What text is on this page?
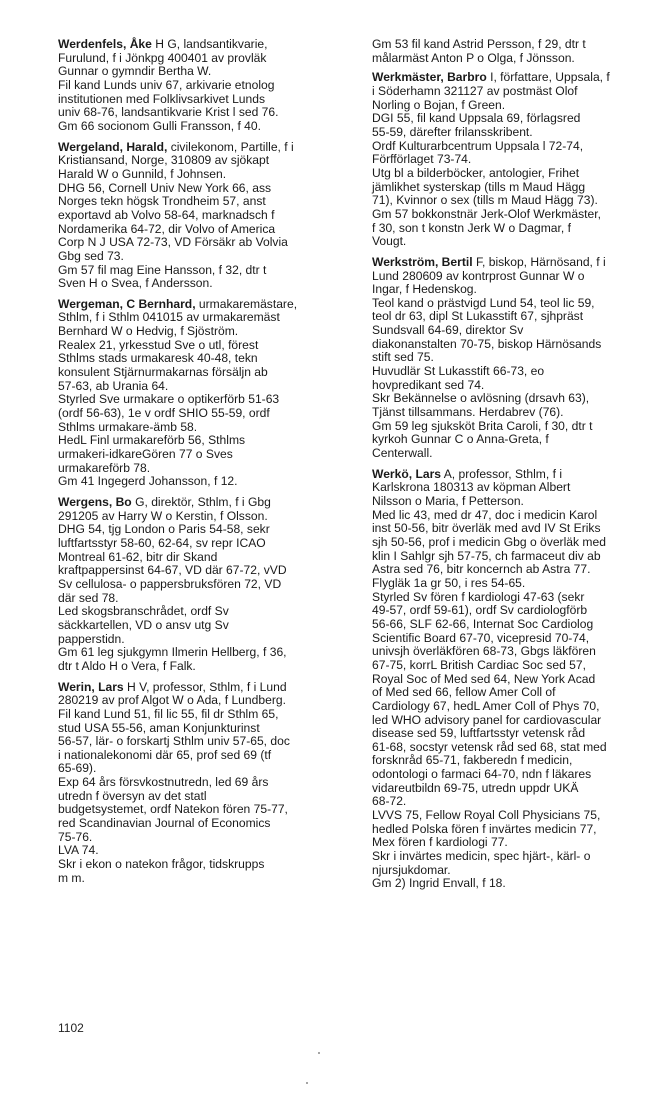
Werdenfels, Åke H G, landsantikvarie,
Furulund, f i Jönkpg 400401 av provläk
Gunnar o gymndir Bertha W.
Fil kand Lunds univ 67, arkivarie etnolog
institutionen med Folklivsarkivet Lunds
univ 68-76, landsantikvarie Krist l sed 76.
Gm 66 socionom Gulli Fransson, f 40.
Wergeland, Harald, civilekonom, Partille, f i
Kristiansand, Norge, 310809 av sjökapt
Harald W o Gunnild, f Johnsen.
DHG 56, Cornell Univ New York 66, ass
Norges tekn högsk Trondheim 57, anst
exportavd ab Volvo 58-64, marknadsch f
Nordamerika 64-72, dir Volvo of America
Corp N J USA 72-73, VD Försäkr ab Volvia
Gbg sed 73.
Gm 57 fil mag Eine Hansson, f 32, dtr t
Sven H o Svea, f Andersson.
Wergeman, C Bernhard, urmakaremästare,
Sthlm, f i Sthlm 041015 av urmakaremäst
Bernhard W o Hedvig, f Sjöström.
Realex 21, yrkesstud Sve o utl, förest
Sthlms stads urmakaresk 40-48, tekn
konsulent Stjärnurmakarnas försäljn ab
57-63, ab Urania 64.
Styrled Sve urmakare o optikerförb 51-63
(ordf 56-63), 1e v ordf SHIO 55-59, ordf
Sthlms urmakare-ämb 58.
HedL Finl urmakareförb 56, Sthlms
urmakeri-idkareGören 77 o Sves
urmakareförb 78.
Gm 41 Ingegerd Johansson, f 12.
Wergens, Bo G, direktör, Sthlm, f i Gbg
291205 av Harry W o Kerstin, f Olsson.
DHG 54, tjg London o Paris 54-58, sekr
luftfartsstyr 58-60, 62-64, sv repr ICAO
Montreal 61-62, bitr dir Skand
kraftpappersinst 64-67, VD där 67-72, vVD
Sv cellulosa- o pappersbruksfören 72, VD
där sed 78.
Led skogsbranschrådet, ordf Sv
säckkartellen, VD o ansv utg Sv
papperstidn.
Gm 61 leg sjukgymn Ilmerin Hellberg, f 36,
dtr t Aldo H o Vera, f Falk.
Werin, Lars H V, professor, Sthlm, f i Lund
280219 av prof Algot W o Ada, f Lundberg.
Fil kand Lund 51, fil lic 55, fil dr Sthlm 65,
stud USA 55-56, aman Konjunkturinst
56-57, lär- o forskartj Sthlm univ 57-65, doc
i nationalekonomi där 65, prof sed 69 (tf
65-69).
Exp 64 års försvkostnutredn, led 69 års
utredn f översyn av det statl
budgetsystemet, ordf Natekon fören 75-77,
red Scandinavian Journal of Economics
75-76.
LVA 74.
Skr i ekon o natekon frågor, tidskrupps
m m.
Gm 53 fil kand Astrid Persson, f 29, dtr t
målarmäst Anton P o Olga, f Jönsson.
Werkmäster, Barbro I, författare, Uppsala, f
i Söderhamn 321127 av postmäst Olof
Norling o Bojan, f Green.
DGI 55, fil kand Uppsala 69, förlagsred
55-59, därefter frilansskribent.
Ordf Kulturarbcentrum Uppsala l 72-74,
Förfförlaget 73-74.
Utg bl a bilderböcker, antologier, Frihet
jämlikhet systerskap (tills m Maud Hägg
71), Kvinnor o sex (tills m Maud Hägg 73).
Gm 57 bokkonstnär Jerk-Olof Werkmäster,
f 30, son t konstn Jerk W o Dagmar, f
Vougt.
Werkström, Bertil F, biskop, Härnösand, f i
Lund 280609 av kontrprost Gunnar W o
Ingar, f Hedenskog.
Teol kand o prästvigd Lund 54, teol lic 59,
teol dr 63, dipl St Lukasstift 67, sjhpräst
Sundsvall 64-69, direktor Sv
diakonanstalten 70-75, biskop Härnösands
stift sed 75.
Huvudlär St Lukasstift 66-73, eo
hovpredikant sed 74.
Skr Bekännelse o avlösning (drsavh 63),
Tjänst tillsammans. Herdabrev (76).
Gm 59 leg sjuksköt Brita Caroli, f 30, dtr t
kyrkoh Gunnar C o Anna-Greta, f
Centerwall.
Werkö, Lars A, professor, Sthlm, f i
Karlskrona 180313 av köpman Albert
Nilsson o Maria, f Petterson.
Med lic 43, med dr 47, doc i medicin Karol
inst 50-56, bitr överläk med avd IV St Eriks
sjh 50-56, prof i medicin Gbg o överläk med
klin I Sahlgr sjh 57-75, ch farmaceut div ab
Astra sed 76, bitr koncernch ab Astra 77.
Flygläk 1a gr 50, i res 54-65.
Styrled Sv fören f kardiologi 47-63 (sekr
49-57, ordf 59-61), ordf Sv cardiologförb
56-66, SLF 62-66, Internat Soc Cardiolog
Scientific Board 67-70, vicepresid 70-74,
univsjh överläkfören 68-73, Gbgs läkfören
67-75, korrL British Cardiac Soc sed 57,
Royal Soc of Med sed 64, New York Acad
of Med sed 66, fellow Amer Coll of
Cardiology 67, hedL Amer Coll of Phys 70,
led WHO advisory panel for cardiovascular
disease sed 59, luftfartsstyr vetensk råd
61-68, socstyr vetensk råd sed 68, stat med
forsknråd 65-71, fakberedn f medicin,
odontologi o farmaci 64-70, ndn f läkares
vidareutbildn 69-75, utredn uppdr UKÄ
68-72.
LVVS 75, Fellow Royal Coll Physicians 75,
hedled Polska fören f invärtes medicin 77,
Mex fören f kardiologi 77.
Skr i invärtes medicin, spec hjärt-, kärl- o
njursjukdomar.
Gm 2) Ingrid Envall, f 18.
1102
